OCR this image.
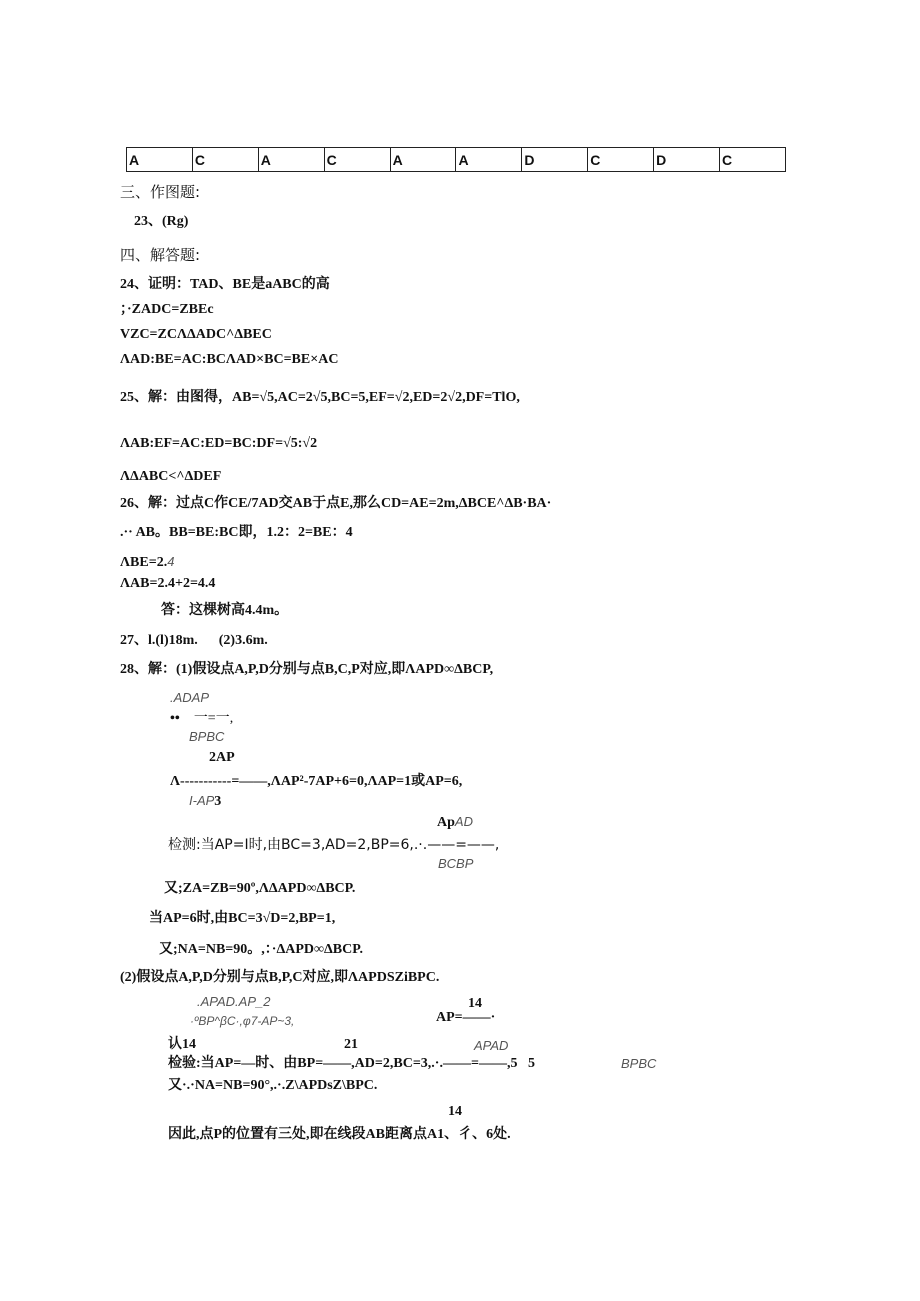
A	C	A	C	A	A	D	C	D	C
三、作图题:
23、(Rg)
四、解答题:
24、证明：TAD、BE是aABC的高
；·ZADC=ZBEc
VZC=ZCΛΔADC^ΔBEC
ΛAD:BE=AC:BCΛAD×BC=BE×AC
25、解：由图得，AB=√5,AC=2√5,BC=5,EF=√2,ED=2√2,DF=TlO,
ΛAB:EF=AC:ED=BC:DF=√5:√2
ΛΔABC<^ΔDEF
26、解：过点C作CE/7AD交AB于点E,那么CD=AE=2m,ΔBCE^ΔB·BA·
.·· AB。BB=BE:BC即，1.2：2=BE：4
ΛBE=2.4
ΛAB=2.4+2=4.4
答：这棵树高4.4m。
27、l.(l)18m.      (2)3.6m.
28、解：(1)假设点A,P,D分别与点B,C,P对应,即ΛAPD∞ΔBCP,
.ADAP
•• 一=一,
BPBC
2AP
Λ-----------=——,ΛAP²-7AP+6=0,ΛAP=1或AP=6,
I-AP3
ApAD
检测:当AP=I时,由BC=3,AD=2,BP=6,.·.——=——,
BCBP
又;ZA=ZB=90º,ΛΔAPD∞ΔBCP.
当AP=6时,由BC=3√D=2,BP=1,
又;NA=NB=90。,：·ΔAPD∞ΔBCP.
(2)假设点A,P,D分别与点B,P,C对应,即ΛAPDSZiBPC.
.APAD.AP_2	14
·ºBP^βC·,φ7-AP~3,	AP=——·
认14	21	APAD
检验:当AP=—时、由BP=——,AD=2,BC=3,.·.——=——,5   5	BPBC
又·.·NA=NB=90°,.·.Z\APDsZ\BPC.
14
因此,点P的位置有三处,即在线段AB距离点A1、彳、6处.
